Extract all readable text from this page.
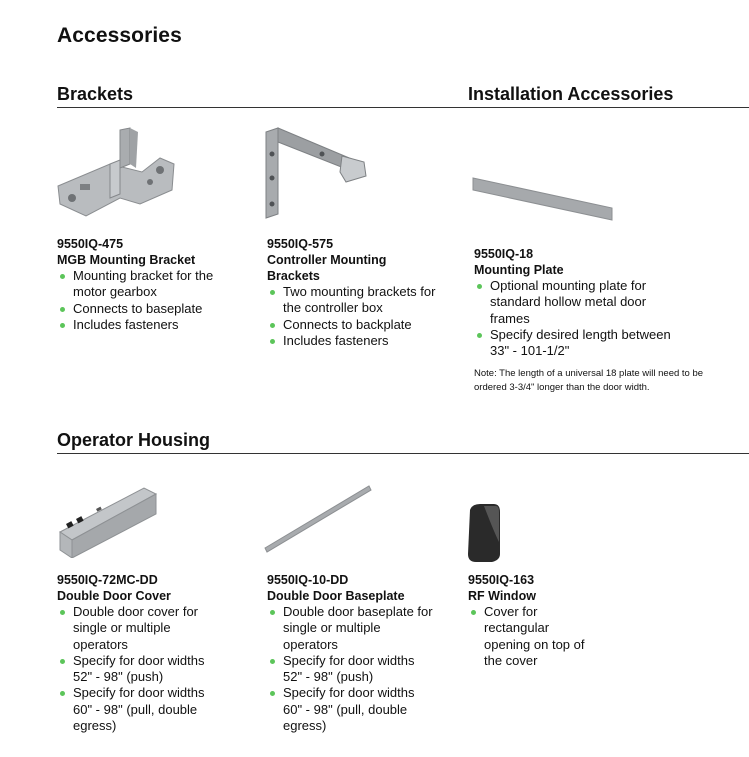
Accessories
Brackets	Installation Accessories
Operator Housing
9550IQ-475
MGB Mounting Bracket
Mounting bracket for the motor gearbox
Connects to baseplate
Includes fasteners
9550IQ-575
Controller Mounting Brackets
Two mounting brackets for the controller box
Connects to backplate
Includes fasteners
9550IQ-18
Mounting Plate
Optional mounting plate for standard hollow metal door frames
Specify desired length between 33" - 101-1/2"
Note: The length of a universal 18 plate will need to be ordered 3-3/4" longer than the door width.
9550IQ-72MC-DD
Double Door Cover
Double door cover for single or multiple operators
Specify for door widths 52" - 98" (push)
Specify for door widths 60" - 98" (pull, double egress)
9550IQ-10-DD
Double Door Baseplate
Double door baseplate for single or multiple operators
Specify for door widths 52" - 98" (push)
Specify for door widths 60" - 98" (pull, double egress)
9550IQ-163
RF Window
Cover for rectangular opening on top of the cover
